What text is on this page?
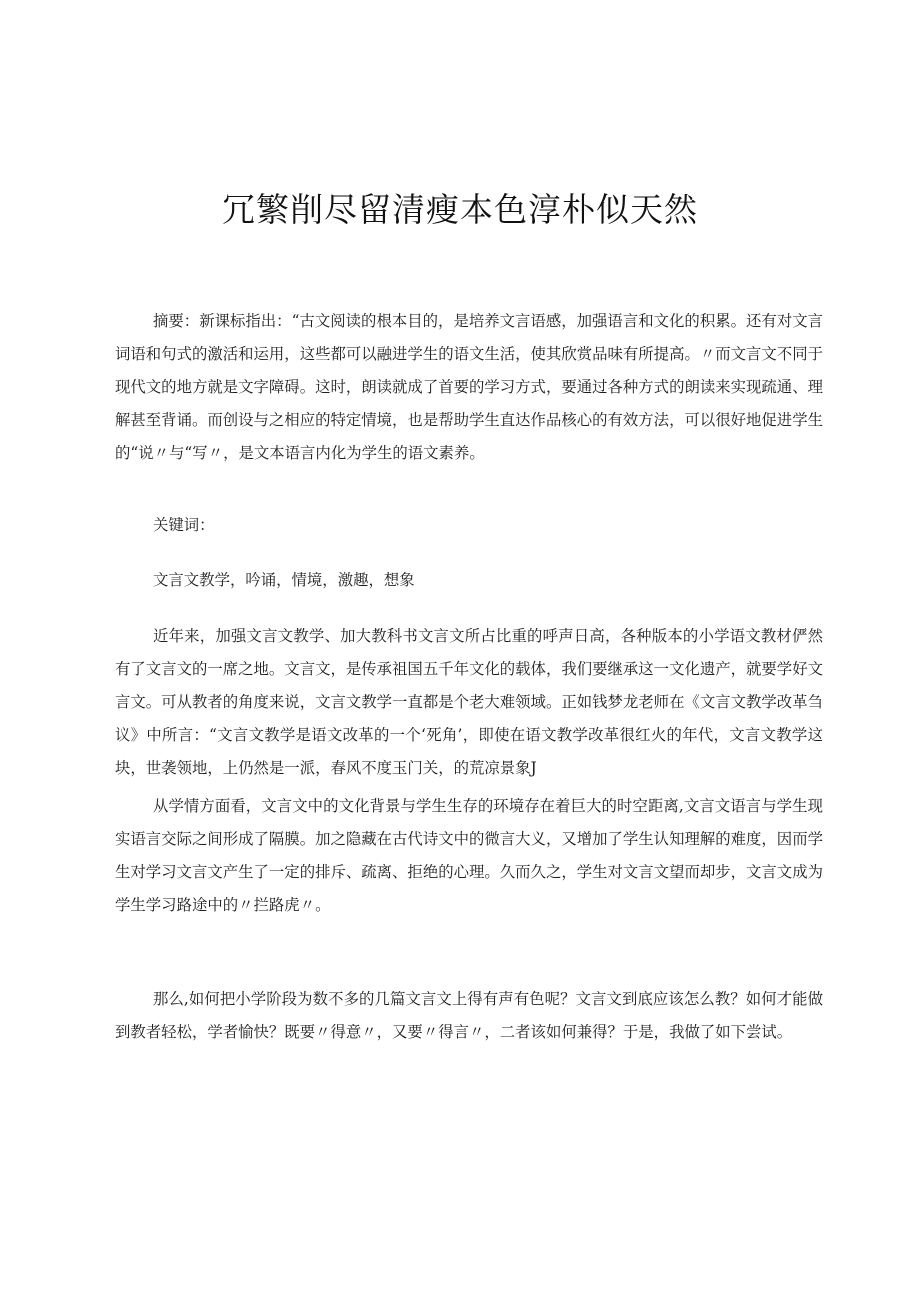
冗繁削尽留清瘦本色淳朴似天然

摘要：新课标指出：“古文阅读的根本目的，是培养文言语感，加强语言和文化的积累。还有对文言词语和句式的激活和运用，这些都可以融进学生的语文生活，使其欣赏品味有所提高。〃而文言文不同于现代文的地方就是文字障碍。这时，朗读就成了首要的学习方式，要通过各种方式的朗读来实现疏通、理解甚至背诵。而创设与之相应的特定情境，也是帮助学生直达作品核心的有效方法，可以很好地促进学生的“说〃与“写〃，是文本语言内化为学生的语文素养。

关键词：

文言文教学，吟诵，情境，激趣，想象

近年来，加强文言文教学、加大教科书文言文所占比重的呼声日高，各种版本的小学语文教材俨然有了文言文的一席之地。文言文，是传承祖国五千年文化的载体，我们要继承这一文化遗产，就要学好文言文。可从教者的角度来说，文言文教学一直都是个老大难领域。正如钱梦龙老师在《文言文教学改革刍议》中所言：“文言文教学是语文改革的一个‘死角’，即使在语文教学改革很红火的年代，文言文教学这块，世袭领地，上仍然是一派，春风不度玉门关，的荒凉景象J

从学情方面看，文言文中的文化背景与学生生存的环境存在着巨大的时空距离,文言文语言与学生现实语言交际之间形成了隔膜。加之隐藏在古代诗文中的微言大义，又增加了学生认知理解的难度，因而学生对学习文言文产生了一定的排斥、疏离、拒绝的心理。久而久之，学生对文言文望而却步，文言文成为学生学习路途中的〃拦路虎〃。

那么,如何把小学阶段为数不多的几篇文言文上得有声有色呢？文言文到底应该怎么教？如何才能做到教者轻松，学者愉快？既要〃得意〃，又要〃得言〃，二者该如何兼得？于是，我做了如下尝试。
